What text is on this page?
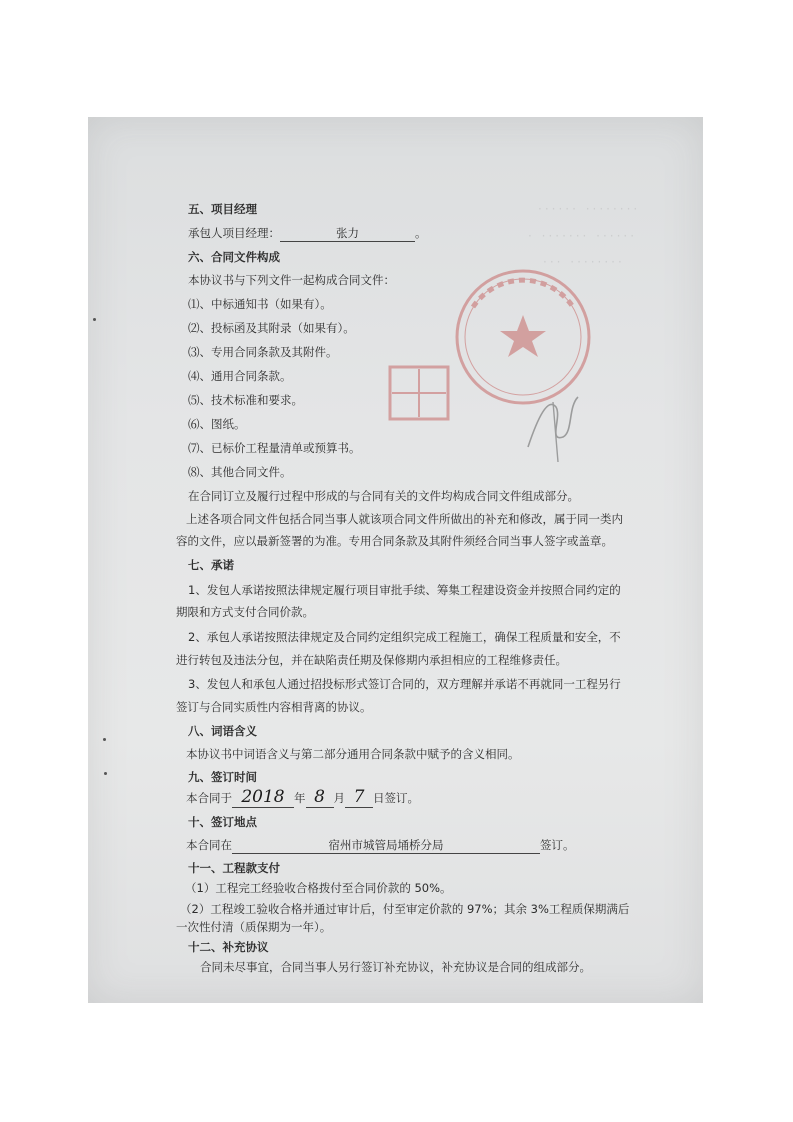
······ ········
· ······· ······
··· ········
五、项目经理
承包人项目经理：	张力	。
六、合同文件构成
本协议书与下列文件一起构成合同文件：
⑴、中标通知书（如果有）。
⑵、投标函及其附录（如果有）。
⑶、专用合同条款及其附件。
⑷、通用合同条款。
⑸、技术标准和要求。
⑹、图纸。
⑺、已标价工程量清单或预算书。
⑻、其他合同文件。
在合同订立及履行过程中形成的与合同有关的文件均构成合同文件组成部分。
上述各项合同文件包括合同当事人就该项合同文件所做出的补充和修改，属于同一类内
容的文件，应以最新签署的为准。专用合同条款及其附件须经合同当事人签字或盖章。
七、承诺
1、发包人承诺按照法律规定履行项目审批手续、筹集工程建设资金并按照合同约定的
期限和方式支付合同价款。
2、承包人承诺按照法律规定及合同约定组织完成工程施工，确保工程质量和安全，不
进行转包及违法分包，并在缺陷责任期及保修期内承担相应的工程维修责任。
3、发包人和承包人通过招投标形式签订合同的，双方理解并承诺不再就同一工程另行
签订与合同实质性内容相背离的协议。
八、词语含义
本协议书中词语含义与第二部分通用合同条款中赋予的含义相同。
九、签订时间
本合同于 2018 年 8 月 7 日签订。
十、签订地点
本合同在	宿州市城管局埇桥分局	签订。
十一、工程款支付
（1）工程完工经验收合格拨付至合同价款的 50%。
（2）工程竣工验收合格并通过审计后，付至审定价款的 97%；其余 3%工程质保期满后
一次性付清（质保期为一年）。
十二、补充协议
合同未尽事宜，合同当事人另行签订补充协议，补充协议是合同的组成部分。
